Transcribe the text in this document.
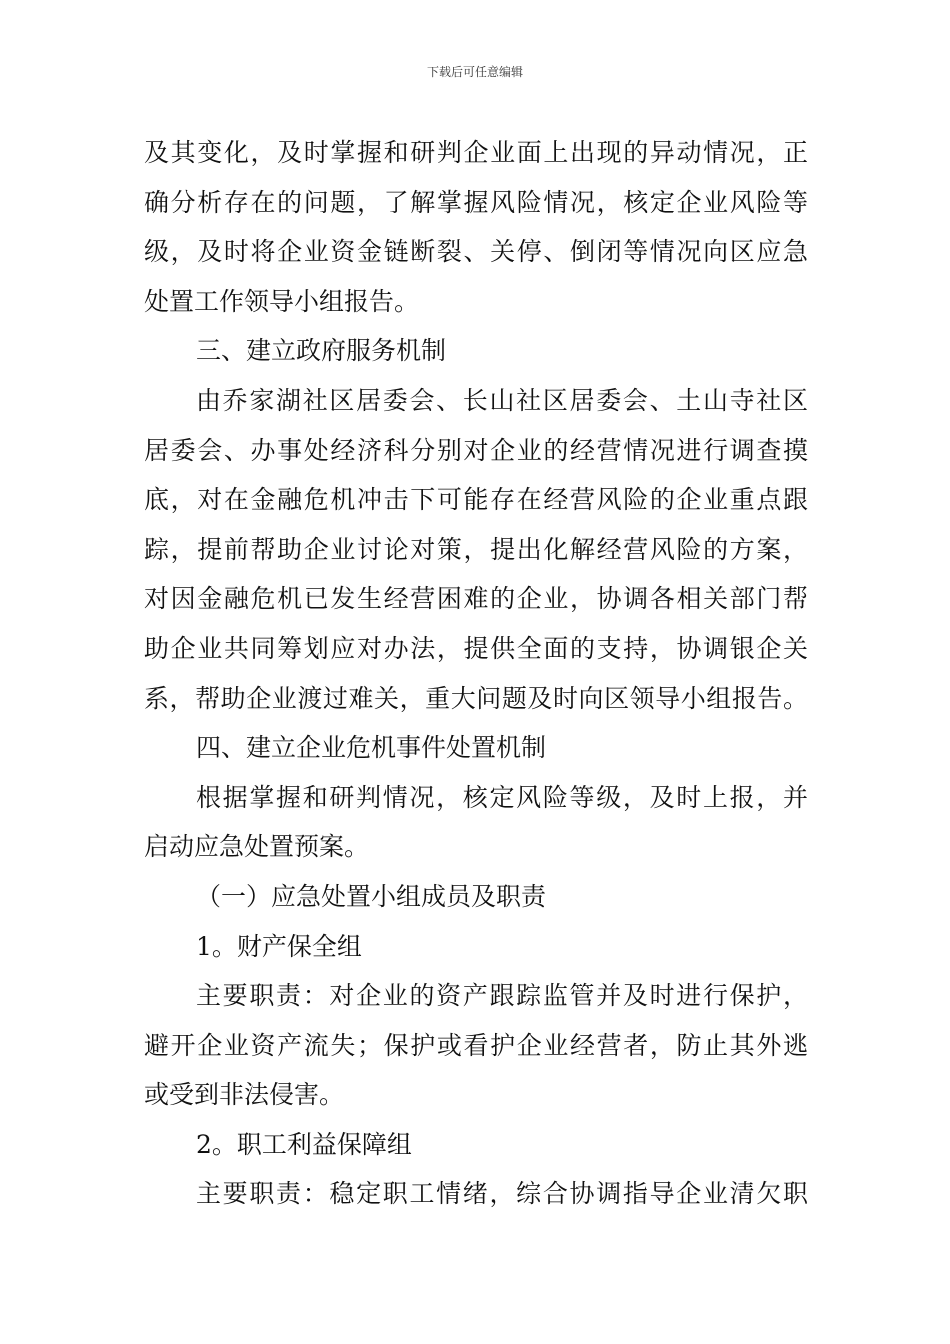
下载后可任意编辑
及其变化，及时掌握和研判企业面上出现的异动情况，正
确分析存在的问题，了解掌握风险情况，核定企业风险等
级，及时将企业资金链断裂、关停、倒闭等情况向区应急
处置工作领导小组报告。
三、建立政府服务机制
由乔家湖社区居委会、长山社区居委会、土山寺社区
居委会、办事处经济科分别对企业的经营情况进行调查摸
底，对在金融危机冲击下可能存在经营风险的企业重点跟
踪，提前帮助企业讨论对策，提出化解经营风险的方案，
对因金融危机已发生经营困难的企业，协调各相关部门帮
助企业共同筹划应对办法，提供全面的支持，协调银企关
系，帮助企业渡过难关，重大问题及时向区领导小组报告。
四、建立企业危机事件处置机制
根据掌握和研判情况，核定风险等级，及时上报，并
启动应急处置预案。
（一）应急处置小组成员及职责
1。财产保全组
主要职责：对企业的资产跟踪监管并及时进行保护，
避开企业资产流失；保护或看护企业经营者，防止其外逃
或受到非法侵害。
2。职工利益保障组
主要职责：稳定职工情绪，综合协调指导企业清欠职
